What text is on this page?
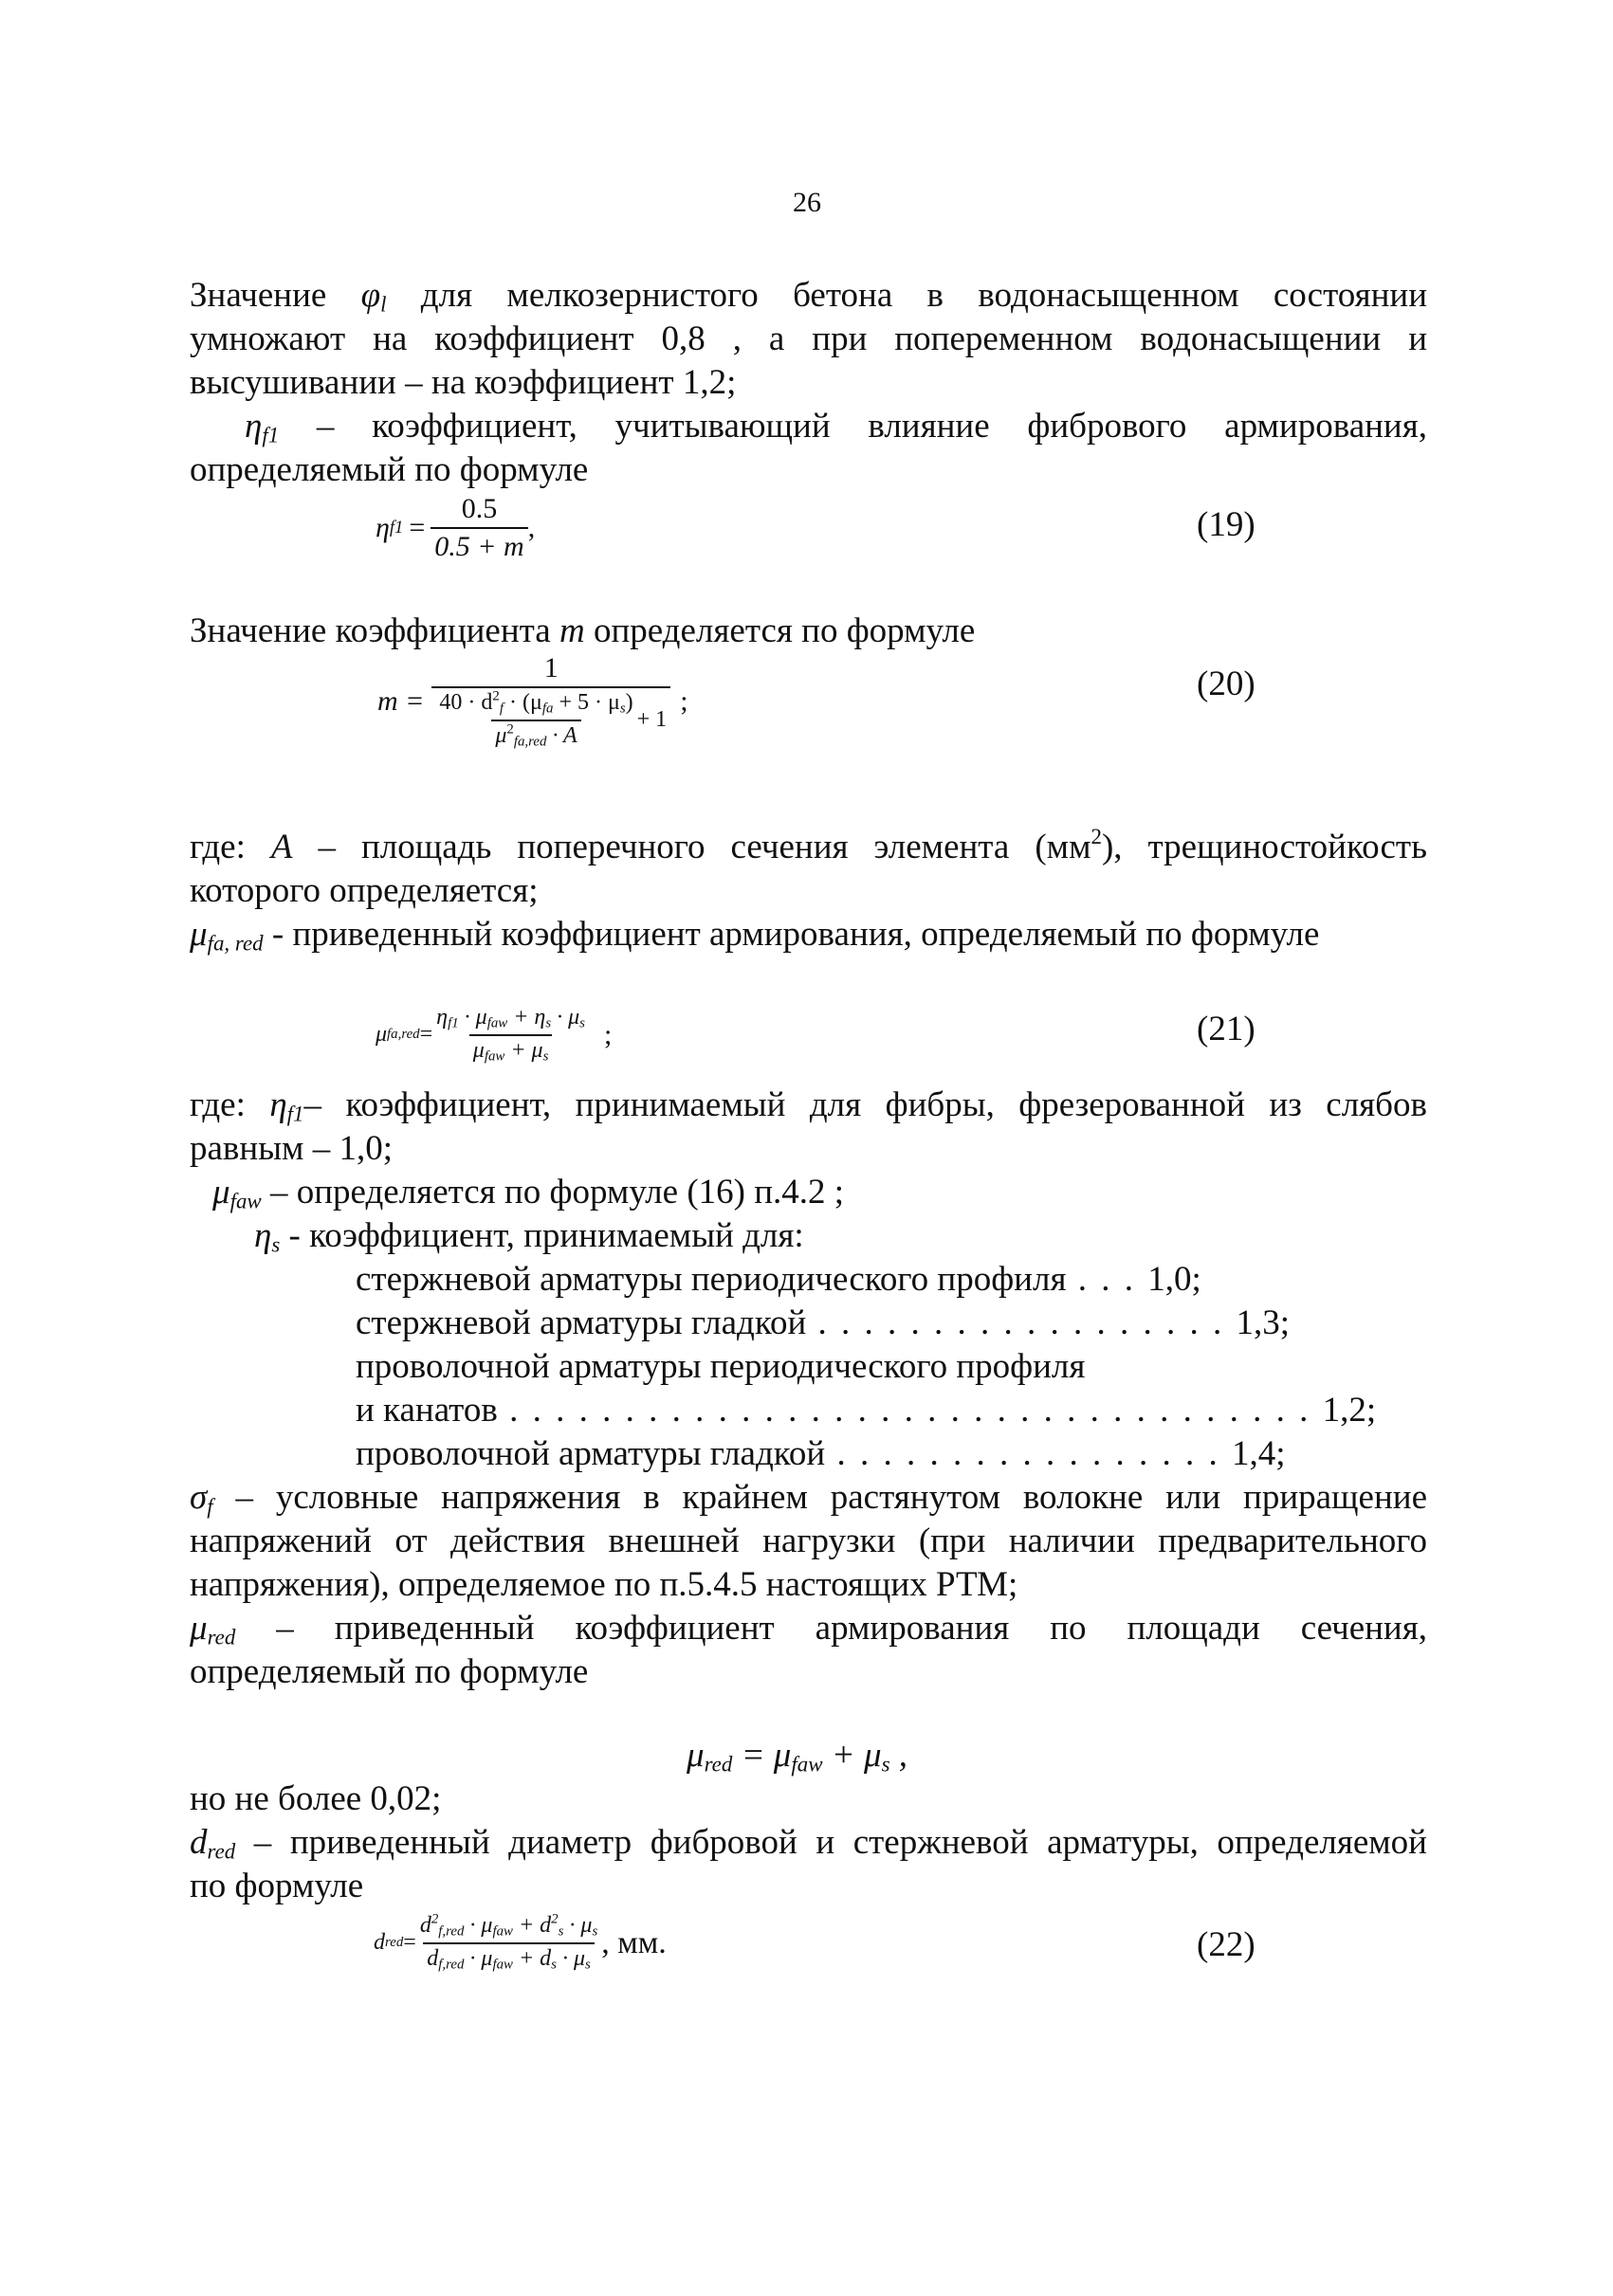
26
Значение $\varphi_l$ для мелкозернистого бетона в водонасыщенном состоянии
умножают на коэффициент 0,8 , а при попеременном водонасыщении и
высушивании – на коэффициент 1,2;
$\eta_{f1}$ – коэффициент, учитывающий влияние фибрового армирования,
определяемый по формуле
η $f1 = \frac{0.5}{0.5 + m}$ ,	(19)
Значение коэффициента m определяется по формуле
m =
1
$\frac{40 \cdot d^2_f \cdot (\mu_{fa} + 5 \cdot \mu_s)}{\mu^2_{fa,red} \cdot A} + 1$
;	(20)
где: A – площадь поперечного сечения элемента $(мм^2)$, трещиностойкость
которого определяется;
$\mu_{fa, red}$ - приведенный коэффициент армирования, определяемый по формуле
μ $fa,red = \frac{\eta_{f1} \cdot \mu_{faw} + \eta_s \cdot \mu_s}{\mu_{faw} + \mu_s}$ ;	(21)
где: $\eta_{f1}-$ коэффициент, принимаемый для фибры, фрезерованной из слябов
равным – 1,0;
$\mu_{faw}$ – определяется по формуле (16) п.4.2 ;
$\eta_s$ - коэффициент, принимаемый для:
стержневой арматуры периодического профиля . . . 1,0;
стержневой арматуры гладкой . . . . . . . . . . . . . . . . . . 1,3;
проволочной арматуры периодического профиля
и канатов . . . . . . . . . . . . . . . . . . . . . . . . . . . . . . . . . . . 1,2;
проволочной арматуры гладкой . . . . . . . . . . . . . . . . . 1,4;
$\sigma_f$ – условные напряжения в крайнем растянутом волокне или приращение
напряжений от действия внешней нагрузки (при наличии предварительного
напряжения), определяемое по п.5.4.5 настоящих РТМ;
$\mu_{red}$ – приведенный коэффициент армирования по площади сечения,
определяемый по формуле
$\mu_{red} = \mu_{faw} + \mu_s$ ,
но не более 0,02;
$d_{red}$ – приведенный диаметр фибровой и стержневой арматуры, определяемой
по формуле
d red = $\frac{d^2_{f,red} \cdot \mu_{faw} + d^2_s \cdot \mu_s}{d_{f,red} \cdot \mu_{faw} + d_s \cdot \mu_s}$ , мм.	(22)
